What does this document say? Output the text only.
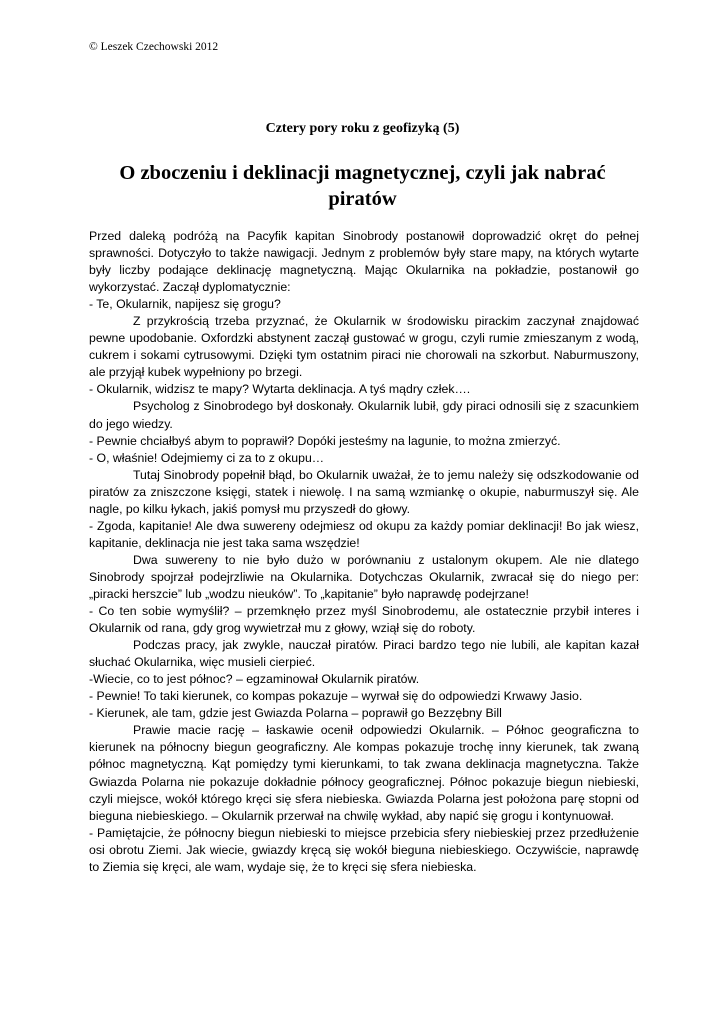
© Leszek Czechowski 2012
Cztery pory roku z geofizyką (5)
O zboczeniu i deklinacji magnetycznej, czyli jak nabrać piratów

Przed daleką podróżą na Pacyfik kapitan Sinobrody postanowił doprowadzić okręt do pełnej sprawności. Dotyczyło to także nawigacji. Jednym z problemów były stare mapy, na których wytarte były liczby podające deklinację magnetyczną. Mając Okularnika na pokładzie, postanowił go wykorzystać. Zaczął dyplomatycznie:

- Te, Okularnik, napijesz się grogu?

Z przykrością trzeba przyznać, że Okularnik w środowisku pirackim zaczynał znajdować pewne upodobanie. Oxfordzki abstynent zaczął gustować w grogu, czyli rumie zmieszanym z wodą, cukrem i sokami cytrusowymi. Dzięki tym ostatnim piraci nie chorowali na szkorbut. Naburmuszony, ale przyjął kubek wypełniony po brzegi.

- Okularnik, widzisz te mapy? Wytarta deklinacja. A tyś mądry człek….

Psycholog z Sinobrodego był doskonały. Okularnik lubił, gdy piraci odnosili się z szacunkiem do jego wiedzy.

- Pewnie chciałbyś abym to poprawił? Dopóki jesteśmy na lagunie, to można zmierzyć.

- O, właśnie! Odejmiemy ci za to z okupu…

Tutaj Sinobrody popełnił błąd, bo Okularnik uważał, że to jemu należy się odszkodowanie od piratów za zniszczone księgi, statek i niewolę. I na samą wzmiankę o okupie, naburmuszył się. Ale nagle, po kilku łykach, jakiś pomysł mu przyszedł do głowy.

- Zgoda, kapitanie! Ale dwa suwereny odejmiesz od okupu za każdy pomiar deklinacji! Bo jak wiesz, kapitanie, deklinacja nie jest taka sama wszędzie!

Dwa suwereny to nie było dużo w porównaniu z ustalonym okupem. Ale nie dlatego Sinobrody spojrzał podejrzliwie na Okularnika. Dotychczas Okularnik, zwracał się do niego per: „piracki herszcie” lub „wodzu nieuków”. To „kapitanie” było naprawdę podejrzane!

- Co ten sobie wymyślił? – przemknęło przez myśl Sinobrodemu, ale ostatecznie przybił interes i Okularnik od rana, gdy grog wywietrzał mu z głowy, wziął się do roboty.

Podczas pracy, jak zwykle, nauczał piratów. Piraci bardzo tego nie lubili, ale kapitan kazał słuchać Okularnika, więc musieli cierpieć.

-Wiecie, co to jest północ? – egzaminował Okularnik piratów.

- Pewnie! To taki kierunek, co kompas pokazuje – wyrwał się do odpowiedzi Krwawy Jasio.

- Kierunek, ale tam, gdzie jest Gwiazda Polarna – poprawił go Bezzębny Bill

Prawie macie rację – łaskawie ocenił odpowiedzi Okularnik. – Północ geograficzna to kierunek na północny biegun geograficzny. Ale kompas pokazuje trochę inny kierunek, tak zwaną północ magnetyczną. Kąt pomiędzy tymi kierunkami, to tak zwana deklinacja magnetyczna. Także Gwiazda Polarna nie pokazuje dokładnie północy geograficznej. Północ pokazuje biegun niebieski, czyli miejsce, wokół którego kręci się sfera niebieska. Gwiazda Polarna jest położona parę stopni od bieguna niebieskiego. – Okularnik przerwał na chwilę wykład, aby napić się grogu i kontynuował.

- Pamiętajcie, że północny biegun niebieski to miejsce przebicia sfery niebieskiej przez przedłużenie osi obrotu Ziemi. Jak wiecie, gwiazdy kręcą się wokół bieguna niebieskiego. Oczywiście, naprawdę to Ziemia się kręci, ale wam, wydaje się, że to kręci się sfera niebieska.
